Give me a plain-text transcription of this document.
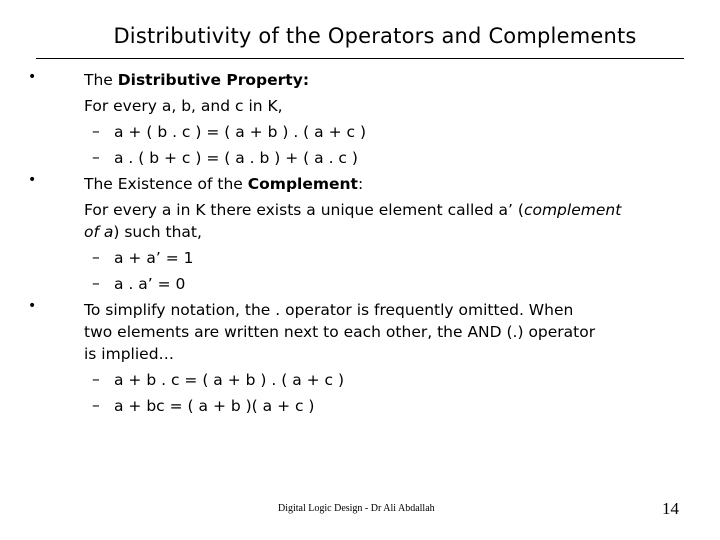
Distributivity of the Operators and Complements
•	The Distributive Property:
For every a, b, and c in K,
– a + ( b . c ) = ( a + b ) . ( a + c )
– a . ( b + c ) = ( a . b ) + ( a . c )
•	The Existence of the Complement:
For every a in K there exists a unique element called a’ (complement
of a) such that,
– a + a’ = 1
– a . a’ = 0
•	To simplify notation, the . operator is frequently omitted. When
two elements are written next to each other, the AND (.) operator
is implied…
– a + b . c = ( a + b ) . ( a + c )
– a + bc = ( a + b )( a + c )
Digital Logic Design - Dr Ali Abdallah	14
